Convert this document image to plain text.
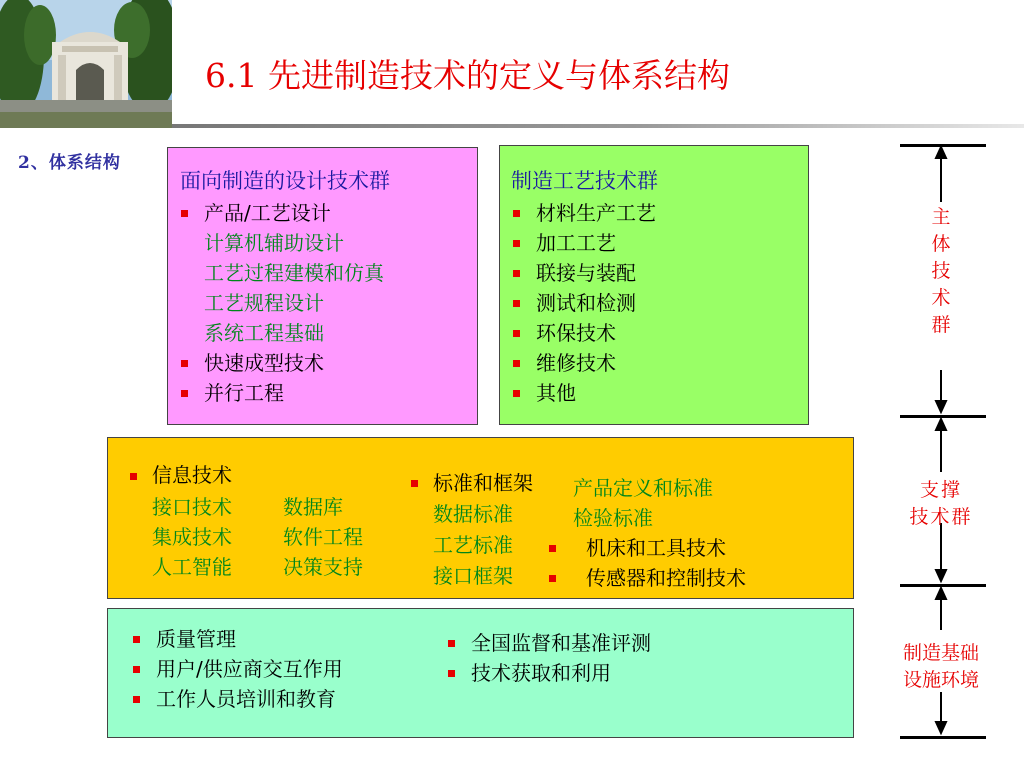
6.1 先进制造技术的定义与体系结构
2、体系结构
面向制造的设计技术群
产品/工艺设计
计算机辅助设计
工艺过程建模和仿真
工艺规程设计
系统工程基础
快速成型技术
并行工程
制造工艺技术群
材料生产工艺
加工工艺
联接与装配
测试和检测
环保技术
维修技术
其他
信息技术
接口技术	数据库
集成技术	软件工程
人工智能	决策支持
标准和框架
数据标准
工艺标准
接口框架
产品定义和标准
检验标准
机床和工具技术
传感器和控制技术
质量管理
用户/供应商交互作用
工作人员培训和教育
全国监督和基准评测
技术获取和利用
主
体
技
术
群
支撑
技术群
制造基础
设施环境
